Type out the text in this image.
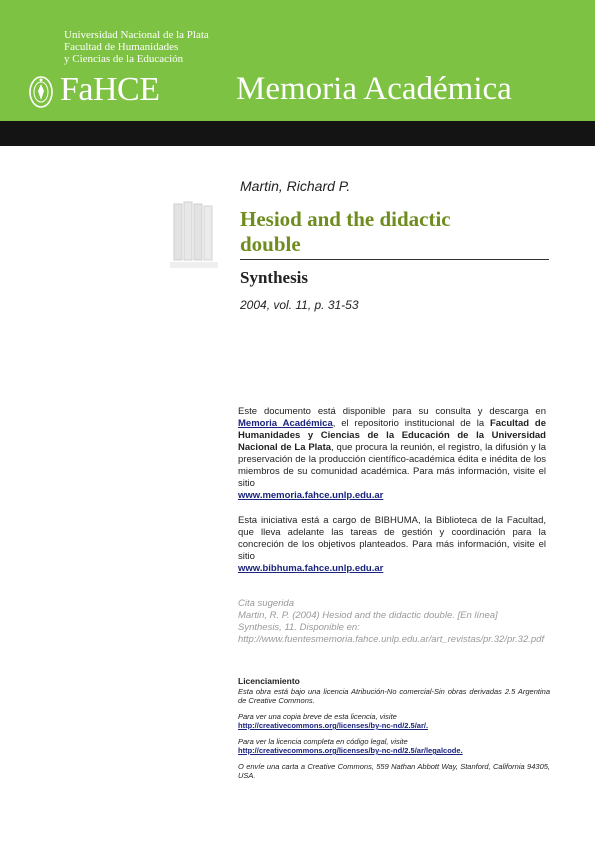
Universidad Nacional de la Plata
Facultad de Humanidades
y Ciencias de la Educación
FaHCE Memoria Académica
Martin, Richard P.
Hesiod and the didactic
double
Synthesis
2004, vol. 11, p. 31-53
Este documento está disponible para su consulta y descarga en Memoria Académica, el repositorio institucional de la Facultad de Humanidades y Ciencias de la Educación de la Universidad Nacional de La Plata, que procura la reunión, el registro, la difusión y la preservación de la producción científico-académica édita e inédita de los miembros de su comunidad académica. Para más información, visite el sitio
www.memoria.fahce.unlp.edu.ar
Esta iniciativa está a cargo de BIBHUMA, la Biblioteca de la Facultad, que lleva adelante las tareas de gestión y coordinación para la concreción de los objetivos planteados. Para más información, visite el sitio
www.bibhuma.fahce.unlp.edu.ar
Cita sugerida
Martin, R. P. (2004) Hesiod and the didactic double. [En línea] Synthesis, 11. Disponible en: http://www.fuentesmemoria.fahce.unlp.edu.ar/art_revistas/pr.32/pr.32.pdf
Licenciamiento
Esta obra está bajo una licencia Atribución-No comercial-Sin obras derivadas 2.5 Argentina de Creative Commons.
Para ver una copia breve de esta licencia, visite
http://creativecommons.org/licenses/by-nc-nd/2.5/ar/.
Para ver la licencia completa en código legal, visite
http://creativecommons.org/licenses/by-nc-nd/2.5/ar/legalcode.
O envíe una carta a Creative Commons, 559 Nathan Abbott Way, Stanford, California 94305, USA.
